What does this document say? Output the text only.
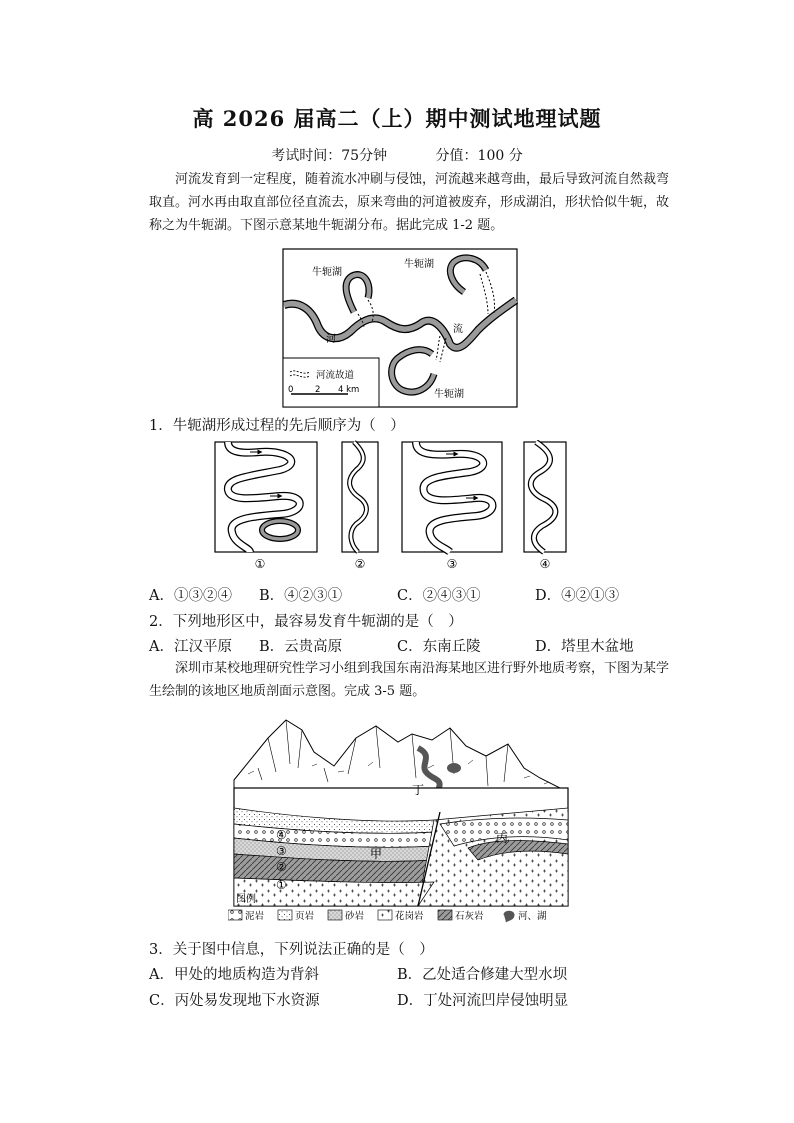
高 2026 届高二（上）期中测试地理试题
考试时间：75分钟	分值：100 分
河流发育到一定程度，随着流水冲刷与侵蚀，河流越来越弯曲，最后导致河流自然裁弯
取直。河水再由取直部位径直流去，原来弯曲的河道被废弃，形成湖泊，形状恰似牛轭，故
称之为牛轭湖。下图示意某地牛轭湖分布。据此完成 1-2 题。
牛轭湖
牛轭湖
牛轭湖
河
流
河流故道
0	2 4 km
1．牛轭湖形成过程的先后顺序为（　）
①	②	③	④
A．①③②④ B．④②③①	C．②④③①	D．④②①③
2．下列地形区中，最容易发育牛轭湖的是（　）
A．江汉平原 B．云贵高原	C．东南丘陵	D．塔里木盆地
深圳市某校地理研究性学习小组到我国东南沿海某地区进行野外地质考察，下图为某学
生绘制的该地区地质剖面示意图。完成 3-5 题。
丁
甲
丙
④
③
②
①
图例
泥岩	页岩	砂岩	花岗岩	石灰岩	河、湖
3．关于图中信息，下列说法正确的是（　）
A．甲处的地质构造为背斜	B．乙处适合修建大型水坝
C．丙处易发现地下水资源	D．丁处河流凹岸侵蚀明显
